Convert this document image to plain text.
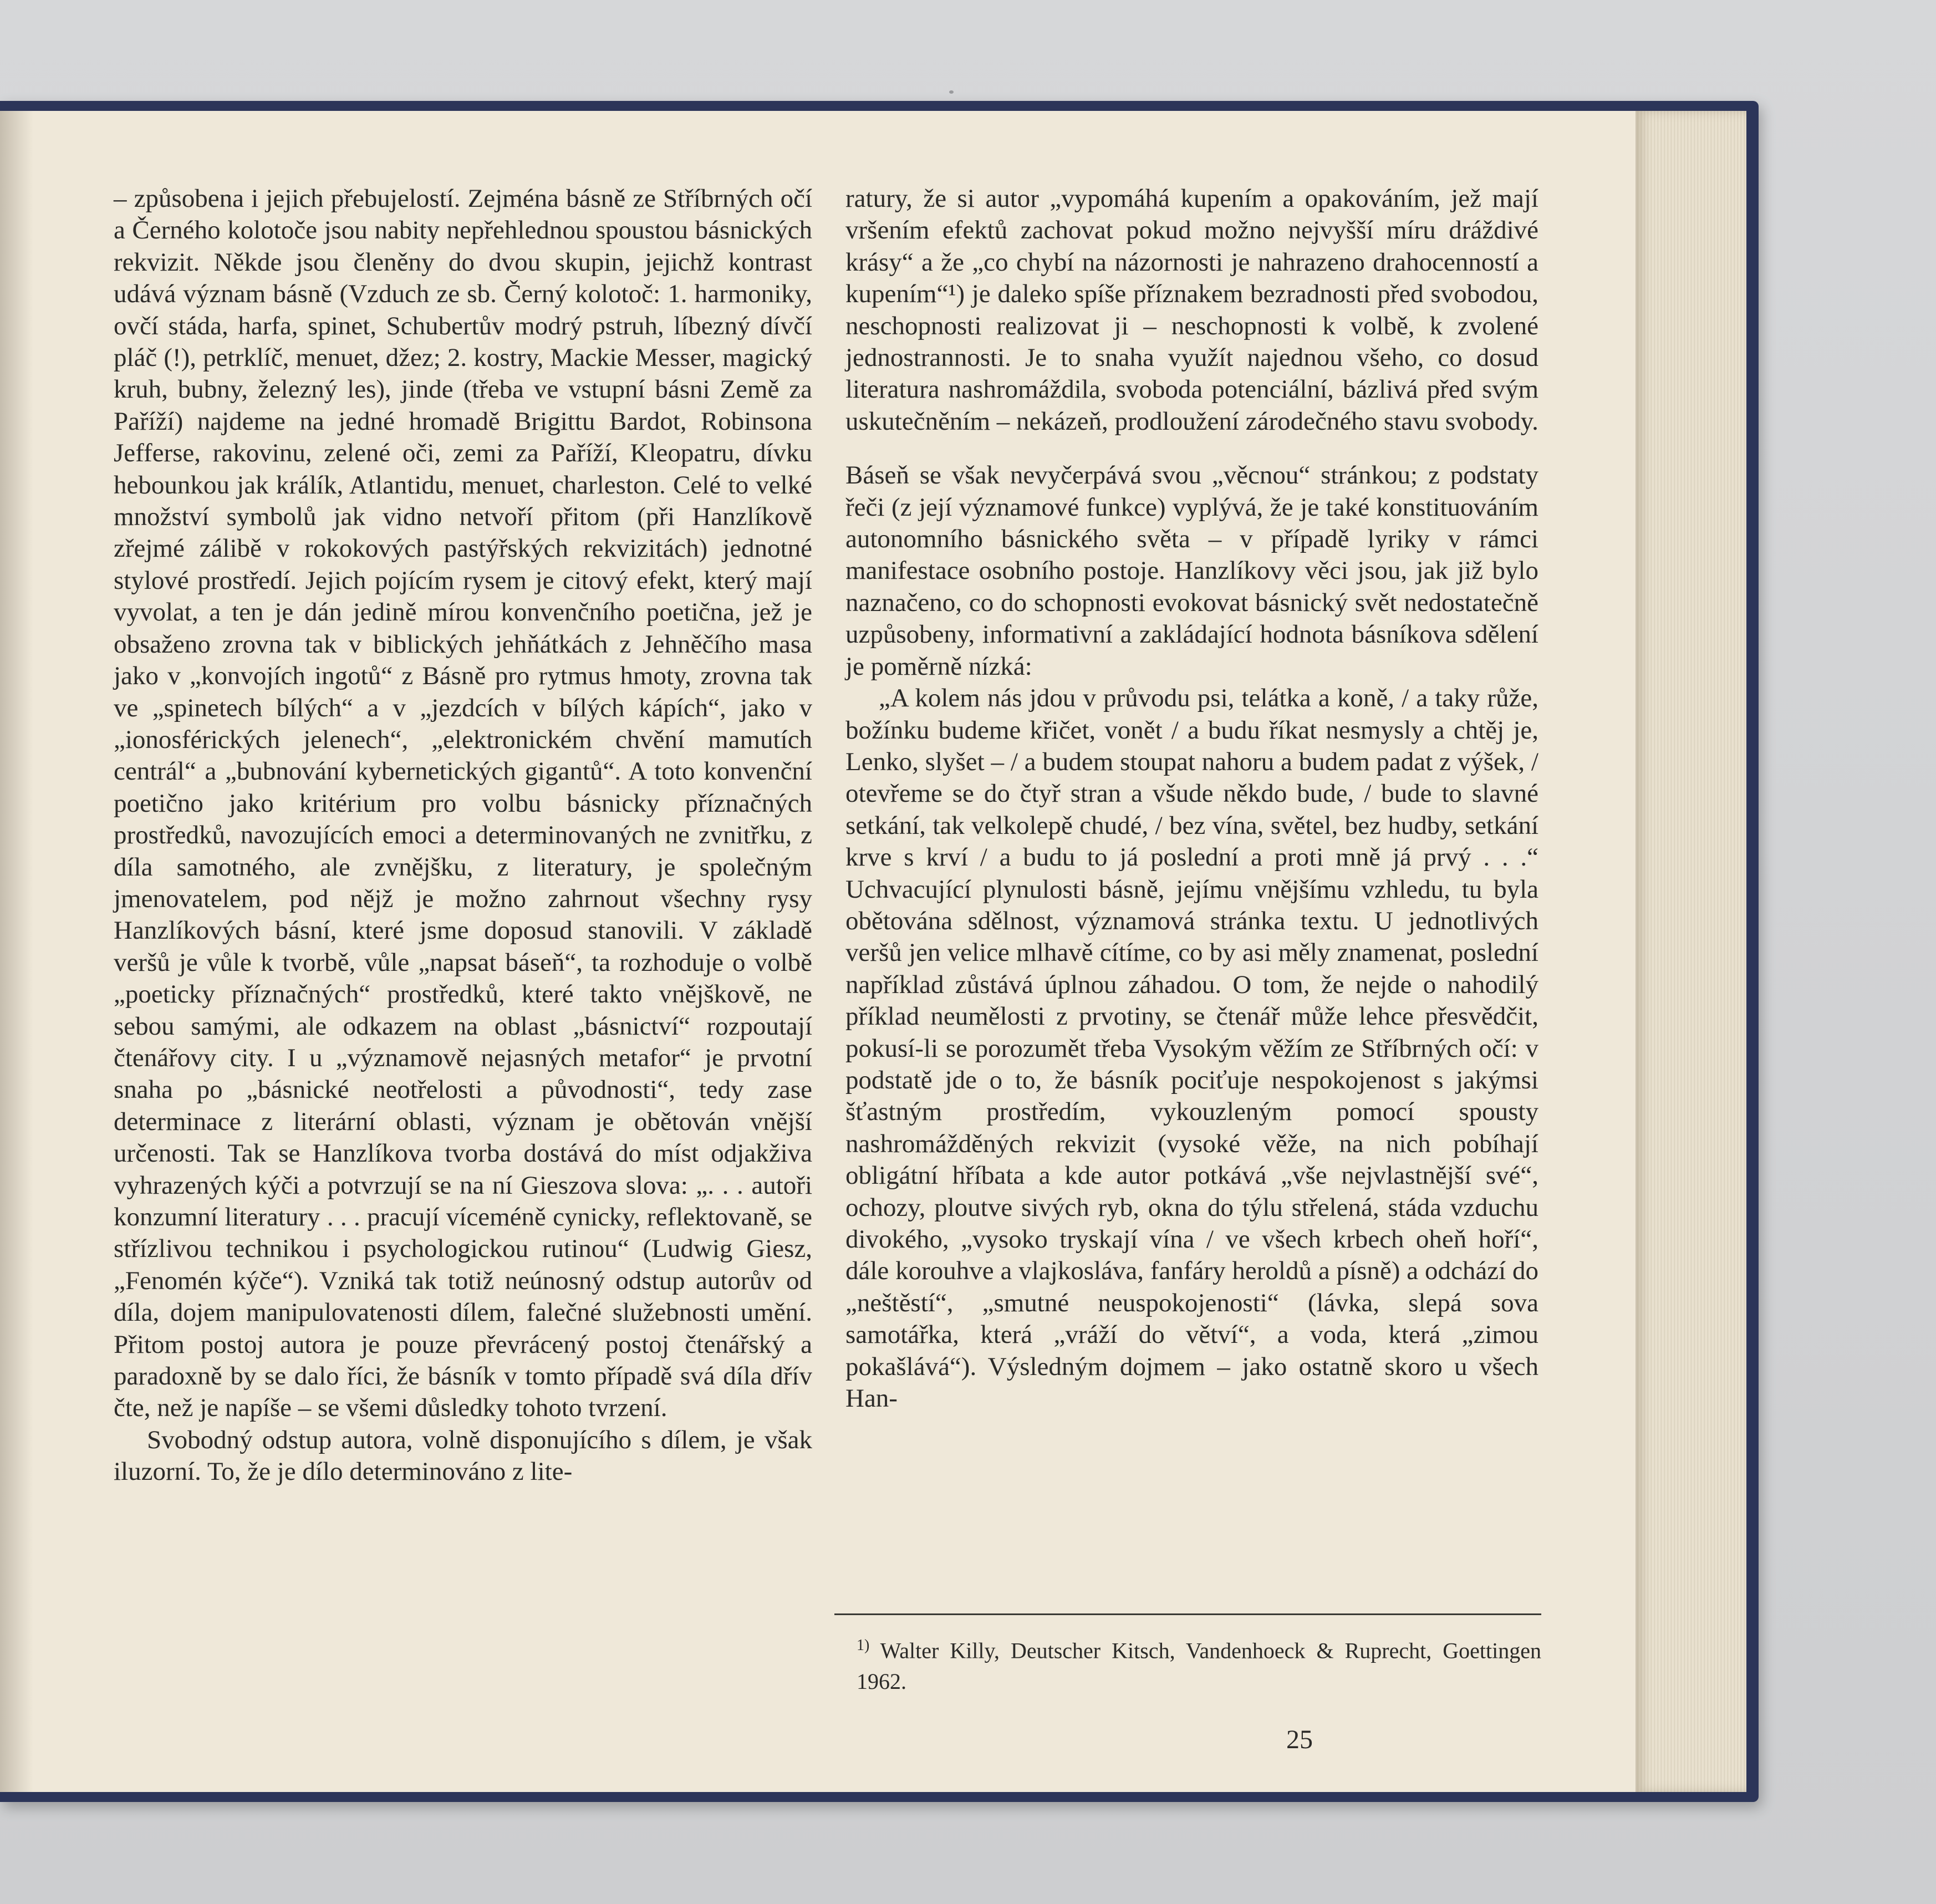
– způsobena i jejich přebujelostí. Zejména básně ze Stříbrných očí a Černého kolotoče jsou nabity nepřehlednou spoustou básnických rekvizit. Někde jsou členěny do dvou skupin, jejichž kontrast udává význam básně (Vzduch ze sb. Černý kolotoč: 1. harmoniky, ovčí stáda, harfa, spinet, Schubertův modrý pstruh, líbezný dívčí pláč (!), petrklíč, menuet, džez; 2. kostry, Mackie Messer, magický kruh, bubny, železný les), jinde (třeba ve vstupní básni Země za Paříží) najdeme na jedné hromadě Brigittu Bardot, Robinsona Jefferse, rakovinu, zelené oči, zemi za Paříží, Kleopatru, dívku hebounkou jak králík, Atlantidu, menuet, charleston. Celé to velké množství symbolů jak vidno netvoří přitom (při Hanzlíkově zřejmé zálibě v rokokových pastýřských rekvizitách) jednotné stylové prostředí. Jejich pojícím rysem je citový efekt, který mají vyvolat, a ten je dán jedině mírou konvenčního poetična, jež je obsaženo zrovna tak v biblických jehňátkách z Jehněčího masa jako v „konvojích ingotů“ z Básně pro rytmus hmoty, zrovna tak ve „spinetech bílých“ a v „jezdcích v bílých kápích“, jako v „ionosférických jelenech“, „elektronickém chvění mamutích centrál“ a „bubnování kybernetických gigantů“. A toto konvenční poetično jako kritérium pro volbu básnicky příznačných prostředků, navozujících emoci a determinovaných ne zvnitřku, z díla samotného, ale zvnějšku, z literatury, je společným jmenovatelem, pod nějž je možno zahrnout všechny rysy Hanzlíkových básní, které jsme doposud stanovili. V základě veršů je vůle k tvorbě, vůle „napsat báseň“, ta rozhoduje o volbě „poeticky příznačných“ prostředků, které takto vnějškově, ne sebou samými, ale odkazem na oblast „básnictví“ rozpoutají čtenářovy city. I u „významově nejasných metafor“ je prvotní snaha po „básnické neotřelosti a původnosti“, tedy zase determinace z literární oblasti, význam je obětován vnější určenosti. Tak se Hanzlíkova tvorba dostává do míst odjakživa vyhrazených kýči a potvrzují se na ní Gieszova slova: „. . . autoři konzumní literatury . . . pracují víceméně cynicky, reflektovaně, se střízlivou technikou i psychologickou rutinou“ (Ludwig Giesz, „Fenomén kýče“). Vzniká tak totiž neúnosný odstup autorův od díla, dojem manipulovatenosti dílem, falečné služebnosti umění. Přitom postoj autora je pouze převrácený postoj čtenářský a paradoxně by se dalo říci, že básník v tomto případě svá díla dřív čte, než je napíše – se všemi důsledky tohoto tvrzení.

Svobodný odstup autora, volně disponujícího s dílem, je však iluzorní. To, že je dílo determinováno z lite-

ratury, že si autor „vypomáhá kupením a opakováním, jež mají vršením efektů zachovat pokud možno nejvyšší míru dráždivé krásy“ a že „co chybí na názornosti je nahrazeno drahocenností a kupením“¹) je daleko spíše příznakem bezradnosti před svobodou, neschopnosti realizovat ji – neschopnosti k volbě, k zvolené jednostrannosti. Je to snaha využít najednou všeho, co dosud literatura nashromáždila, svoboda potenciální, bázlivá před svým uskutečněním – nekázeň, prodloužení zárodečného stavu svobody.

Báseň se však nevyčerpává svou „věcnou“ stránkou; z podstaty řeči (z její významové funkce) vyplývá, že je také konstituováním autonomního básnického světa – v případě lyriky v rámci manifestace osobního postoje. Hanzlíkovy věci jsou, jak již bylo naznačeno, co do schopnosti evokovat básnický svět nedostatečně uzpůsobeny, informativní a zakládající hodnota básníkova sdělení je poměrně nízká:

„A kolem nás jdou v průvodu psi, telátka a koně, / a taky růže, božínku budeme křičet, vonět / a budu říkat nesmysly a chtěj je, Lenko, slyšet – / a budem stoupat nahoru a budem padat z výšek, / otevřeme se do čtyř stran a všude někdo bude, / bude to slavné setkání, tak velkolepě chudé, / bez vína, světel, bez hudby, setkání krve s krví / a budu to já poslední a proti mně já prvý . . .“ Uchvacující plynulosti básně, jejímu vnějšímu vzhledu, tu byla obětována sdělnost, významová stránka textu. U jednotlivých veršů jen velice mlhavě cítíme, co by asi měly znamenat, poslední například zůstává úplnou záhadou. O tom, že nejde o nahodilý příklad neumělosti z prvotiny, se čtenář může lehce přesvědčit, pokusí-li se porozumět třeba Vysokým věžím ze Stříbrných očí: v podstatě jde o to, že básník pociťuje nespokojenost s jakýmsi šťastným prostředím, vykouzleným pomocí spousty nashromážděných rekvizit (vysoké věže, na nich pobíhají obligátní hříbata a kde autor potkává „vše nejvlastnější své“, ochozy, ploutve sivých ryb, okna do týlu střelená, stáda vzduchu divokého, „vysoko tryskají vína / ve všech krbech oheň hoří“, dále korouhve a vlajkosláva, fanfáry heroldů a písně) a odchází do „neštěstí“, „smutné neuspokojenosti“ (lávka, slepá sova samotářka, která „vráží do větví“, a voda, která „zimou pokašlává“). Výsledným dojmem – jako ostatně skoro u všech Han-

$^{1)}$ Walter Killy, Deutscher Kitsch, Vandenhoeck & Ruprecht, Goettingen 1962.
25
